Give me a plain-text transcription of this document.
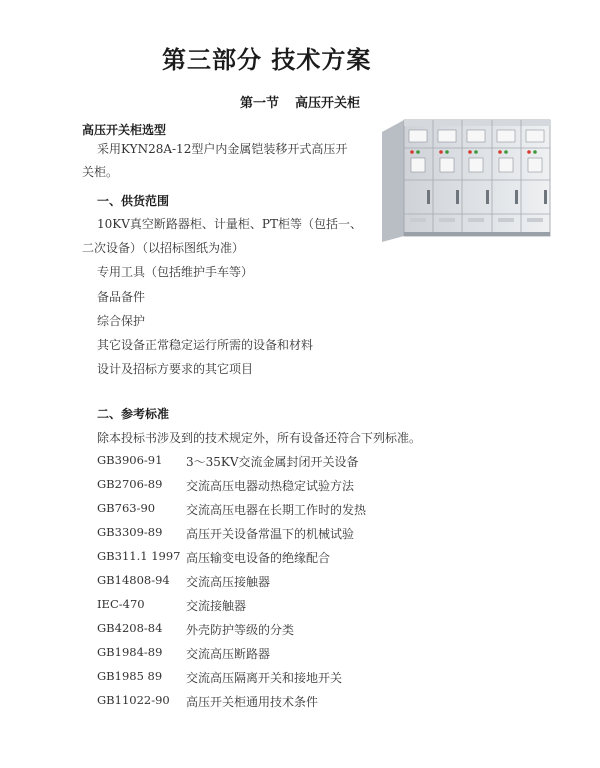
第三部分 技术方案
第一节 高压开关柜
高压开关柜选型
采用KYN28A-12型户内金属铠装移开式高压开
关柜。
一、供货范围
10KV真空断路器柜、计量柜、PT柜等（包括一、
二次设备）（以招标图纸为准）
专用工具（包括维护手车等）
备品备件
综合保护
其它设备正常稳定运行所需的设备和材料
设计及招标方要求的其它项目
二、参考标准
除本投标书涉及到的技术规定外，所有设备还符合下列标准。
GB3906-91 3～35KV交流金属封闭开关设备
GB2706-89 交流高压电器动热稳定试验方法
GB763-90	交流高压电器在长期工作时的发热
GB3309-89 高压开关设备常温下的机械试验
GB311.1 1997 高压输变电设备的绝缘配合
GB14808-94 交流高压接触器
IEC-470	交流接触器
GB4208-84 外壳防护等级的分类
GB1984-89 交流高压断路器
GB1985 89 交流高压隔离开关和接地开关
GB11022-90 高压开关柜通用技术条件
